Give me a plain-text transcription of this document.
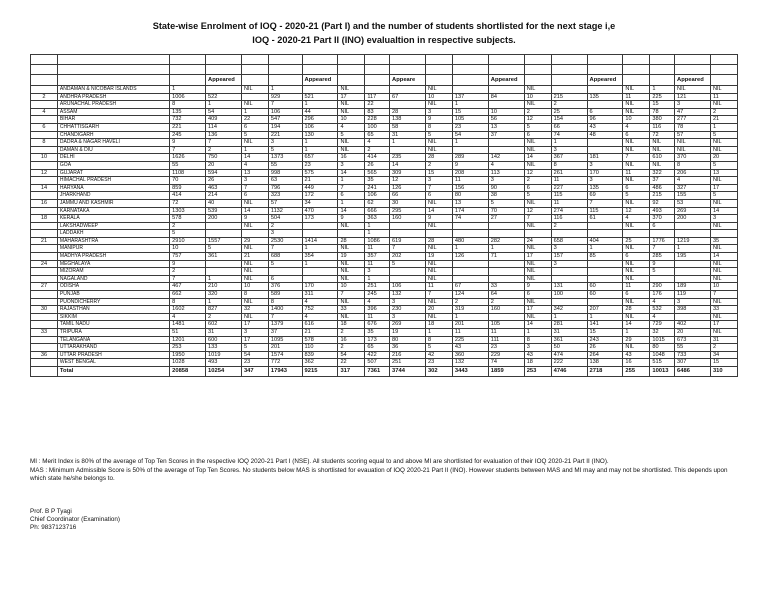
State-wise Enrolment of IOQ - 2020-21 (Part I) and the number of students shortlisted for the next stage i,e
IOQ - 2020-21 Part II (INO) evalualtion in respective subjects.

			Appeared			Appeared			Appeare			Appeared			Appeared			Appeared	
	ANDAMAN & NICOBAR ISLANDS	1		NIL	1		NIL			NIL			NIL			NIL	1	NIL	NIL
2	ANDHRA PRADESH	1006	522		929	521	17	117	67	10	137	84	10	215	135	11	225	121	11
	ARUNACHAL PRADESH	8	1	NIL	7	1	NIL	22		NIL	1		NIL	2		NIL	15	3	NIL
4	ASSAM	135	54	1	106	44	NIL	83	28	3	15	10	2	25	6	NIL	78	47	2
	BIHAR	732	409	22	547	296	10	228	138	9	105	56	12	154	96	10	380	277	21
6	CHHATTISGARH	221	114	6	194	106	4	100	58	8	23	13	5	66	43	4	116	78	1
	CHANDIGARH	245	136	5	221	130	5	65	31	5	54	37	6	74	48	6	72	57	5
8	DADRA & NAGAR HAVELI	9	7	NIL	3	1	NIL	4	1	NIL	1		NIL	1		NIL	NIL	NIL	NIL
	DAMAN & DIU	7	2	1	5	1	NIL	2		NIL			NIL	3		NIL	NIL	NIL	NIL
10	DELHI	1626	750	14	1373	657	16	414	235	28	289	142	14	367	181	7	610	370	20
	GOA	55	20	4	55	23	3	26	14	2	9	4	NIL	8	3	NIL	NIL	8	5
12	GUJARAT	1108	594	13	998	575	14	565	309	15	208	113	12	261	170	11	322	206	13
	HIMACHAL PRADESH	70	26	3	63	21	1	35	12	3	11	3	2	11	3	NIL	37	4	NIL
14	HARYANA	859	463	7	796	449	7	241	126	7	156	90	6	227	135	6	486	327	17
	JHARKHAND	414	214	6	323	172	6	106	66	6	80	38	5	115	69	5	215	155	5
16	JAMMU AND KASHMIR	72	40	NIL	57	34	1	62	30	NIL	13	5	NIL	11	7	NIL	92	53	NIL
	KARNATAKA	1303	539	14	1132	470	14	666	295	14	174	70	12	274	115	12	493	269	14
18	KERALA	578	200	9	504	173	9	363	160	9	74	27	7	116	61	4	370	200	3
	LAKSHADWEEP	2		NIL	2		NIL	1		NIL			NIL	2		NIL	6		NIL
	LADDAKH	5			3			1											
21	MAHARASHTRA	2910	1557	29	2530	1414	28	1086	619	28	480	282	24	658	404	25	1776	1219	35
	MANIPUR	10	5	NIL	7	1	NIL	11	7	NIL	1	1	NIL	3	1	NIL	7	1	NIL
	MADHYA PRADESH	757	361	21	688	354	19	357	202	19	126	71	17	157	85	6	285	195	14
24	MEGHALAYA	9		NIL	5	1	NIL	11	5	NIL			NIL	3		NIL	9		NIL
	MIZORAM	2		NIL			NIL	3		NIL			NIL			NIL	5		NIL
	NAGALAND	7	1	NIL	6		NIL	1		NIL			NIL			NIL			NIL
27	ODISHA	467	210	10	376	170	10	251	106	11	67	33	9	131	60	11	290	189	10
	PUNJAB	662	320	8	589	311	7	245	132	7	124	64	6	100	60	6	176	119	7
	PUONDICHERRY	8	1	NIL	8	4	NIL	4	3	NIL	2	2	NIL			NIL	4	3	NIL
30	RAJASTHAN	1602	827	32	1400	752	33	396	230	20	319	160	17	342	207	28	532	398	33
	SIKKIM	4	2	NIL	7	4	NIL	11	3	NIL	1		NIL	1	1	NIL	4		NIL
	TAMIL NADU	1481	602	17	1379	616	18	676	269	18	201	105	14	281	141	14	729	402	17
33	TRIPURA	51	31	3	37	21	2	35	19	1	11	11	1	31	15	1	32	20	NIL
	TELANGANA	1201	600	17	1095	578	16	173	80	8	225	111	8	361	243	29	1015	673	31
	UTTARAKHAND	253	133	5	201	110	2	65	36	5	43	23	3	50	26	NIL	80	55	2
36	UTTAR PRADESH	1950	1019	54	1574	839	54	422	216	42	360	229	43	474	264	43	1048	733	34
	WEST BENGAL	1028	493	23	772	362	22	507	251	23	132	74	18	222	138	16	515	307	15
	Total	20858	10254	347	17943	9215	317	7361	3744	302	3443	1859	253	4746	2718	255	10013	6486	310

MI : Merit Index is 80% of the average of Top Ten Scores in the respective IOQ 2020-21 Part I (NSE). All students scoring equal to and above MI are shortlisted for evaluation of their IOQ 2020-21 Part II (INO).

MAS : Minimum Admissible Score is 50% of the average of Top Ten Scores. No students below MAS is shortlisted for evauation of IOQ 2020-21 Part II (INO). However students between MAS and MI may and may not be shortlisted. This depends upon which state he/she belongs to.

Prof. B P Tyagi

Chief Coordinator (Examination)

Ph: 9837123716
